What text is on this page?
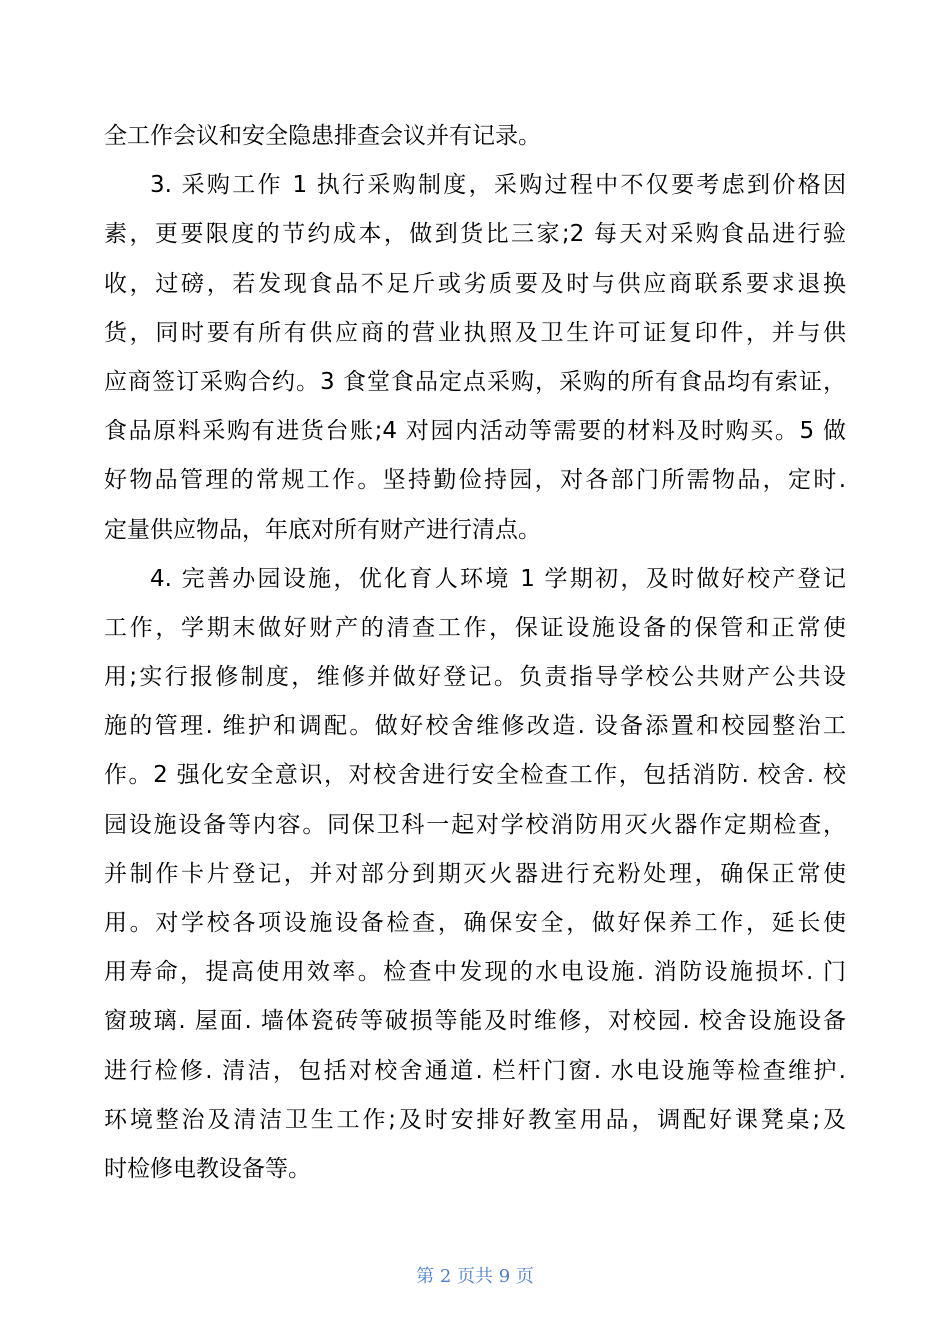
全工作会议和安全隐患排查会议并有记录。
3. 采购工作 1 执行采购制度，采购过程中不仅要考虑到价格因
素，更要限度的节约成本，做到货比三家;2 每天对采购食品进行验
收，过磅，若发现食品不足斤或劣质要及时与供应商联系要求退换
货，同时要有所有供应商的营业执照及卫生许可证复印件，并与供
应商签订采购合约。3 食堂食品定点采购，采购的所有食品均有索证，
食品原料采购有进货台账;4 对园内活动等需要的材料及时购买。5 做
好物品管理的常规工作。坚持勤俭持园，对各部门所需物品，定时.
定量供应物品，年底对所有财产进行清点。
4. 完善办园设施，优化育人环境 1 学期初，及时做好校产登记
工作，学期末做好财产的清查工作，保证设施设备的保管和正常使
用;实行报修制度，维修并做好登记。负责指导学校公共财产公共设
施的管理. 维护和调配。做好校舍维修改造. 设备添置和校园整治工
作。2 强化安全意识，对校舍进行安全检查工作，包括消防. 校舍. 校
园设施设备等内容。同保卫科一起对学校消防用灭火器作定期检查，
并制作卡片登记，并对部分到期灭火器进行充粉处理，确保正常使
用。对学校各项设施设备检查，确保安全，做好保养工作，延长使
用寿命，提高使用效率。检查中发现的水电设施. 消防设施损坏. 门
窗玻璃. 屋面. 墙体瓷砖等破损等能及时维修，对校园. 校舍设施设备
进行检修. 清洁，包括对校舍通道. 栏杆门窗. 水电设施等检查维护.
环境整治及清洁卫生工作;及时安排好教室用品，调配好课凳桌;及
时检修电教设备等。
第 2 页共 9 页
